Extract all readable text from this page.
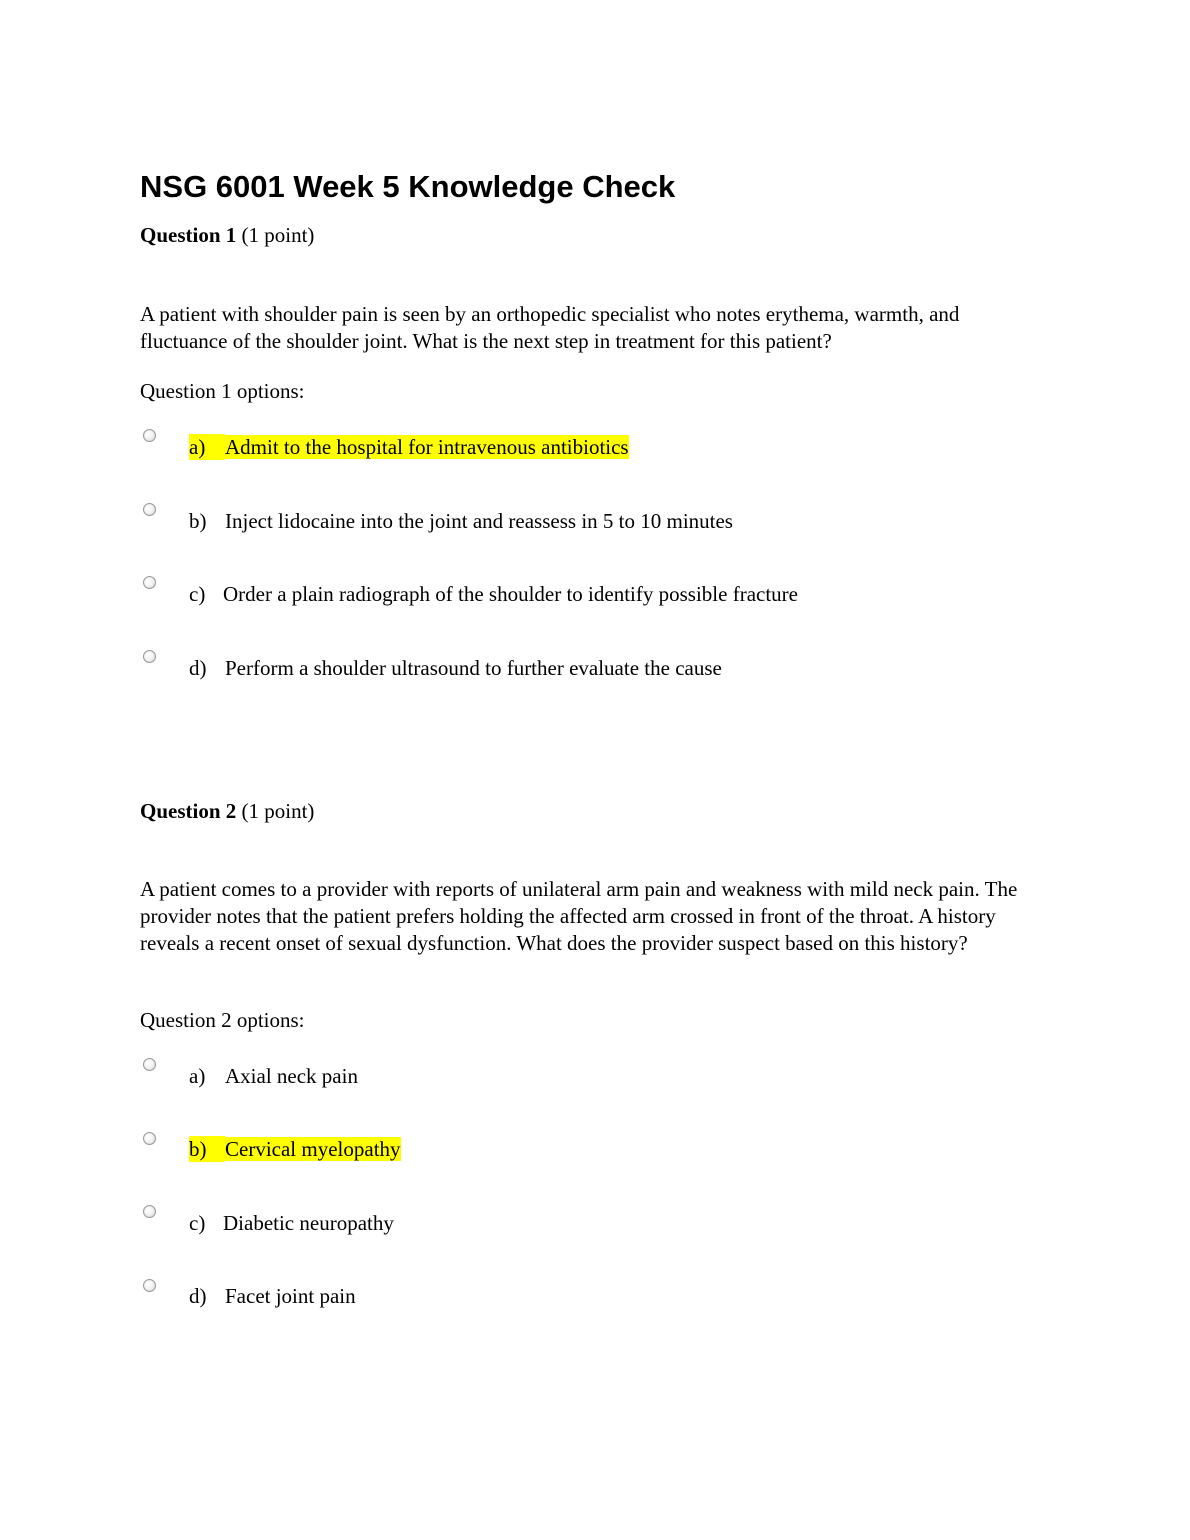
NSG 6001 Week 5 Knowledge Check
Question 1 (1 point)
A patient with shoulder pain is seen by an orthopedic specialist who notes erythema, warmth, and fluctuance of the shoulder joint. What is the next step in treatment for this patient?
Question 1 options:
a) Admit to the hospital for intravenous antibiotics
b) Inject lidocaine into the joint and reassess in 5 to 10 minutes
c) Order a plain radiograph of the shoulder to identify possible fracture
d) Perform a shoulder ultrasound to further evaluate the cause
Question 2 (1 point)
A patient comes to a provider with reports of unilateral arm pain and weakness with mild neck pain. The provider notes that the patient prefers holding the affected arm crossed in front of the throat. A history reveals a recent onset of sexual dysfunction. What does the provider suspect based on this history?
Question 2 options:
a) Axial neck pain
b) Cervical myelopathy
c) Diabetic neuropathy
d) Facet joint pain
